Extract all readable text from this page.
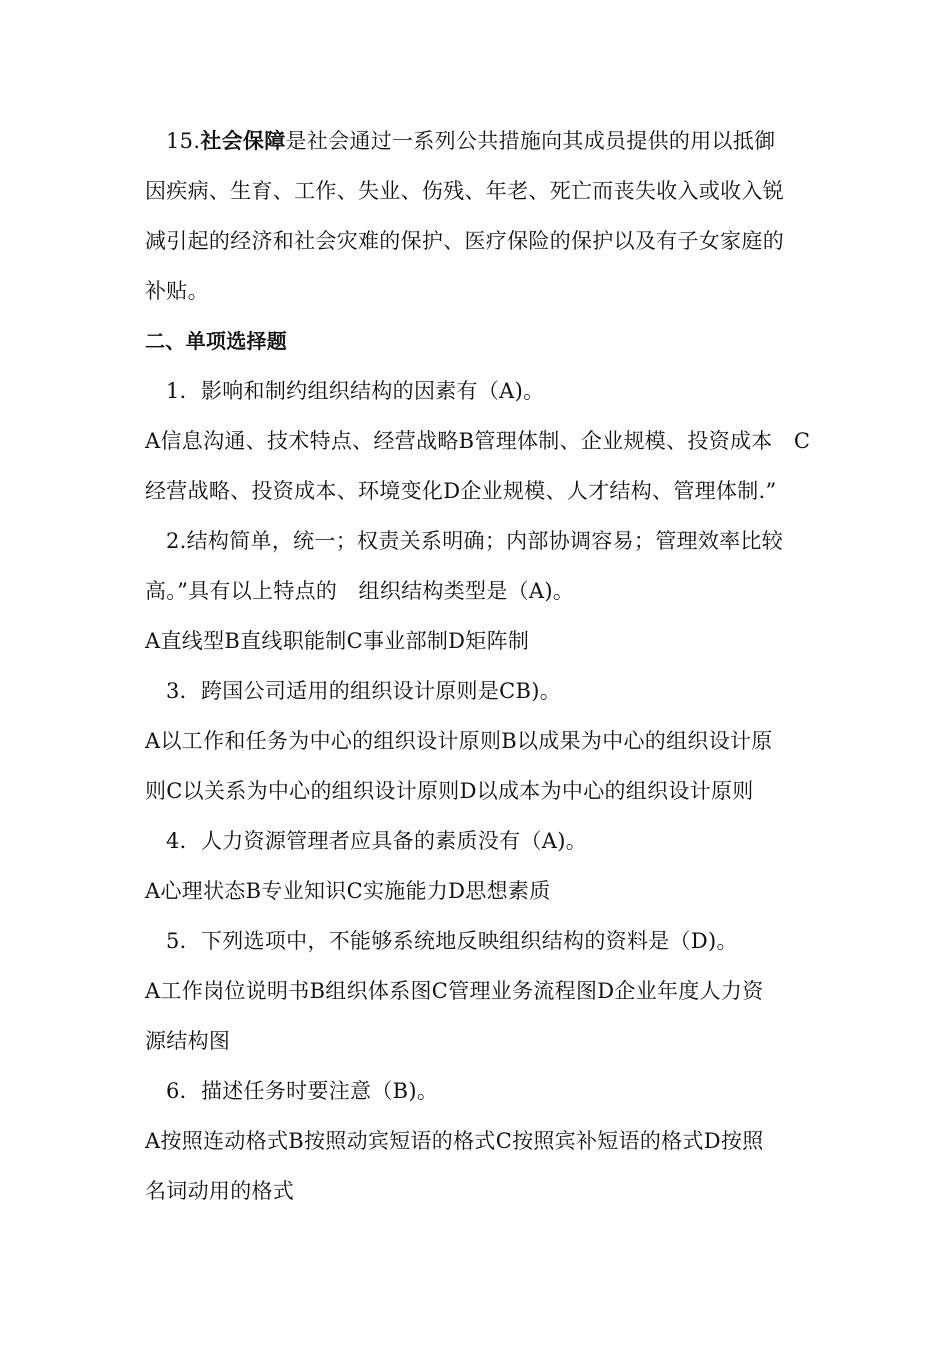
15.社会保障是社会通过一系列公共措施向其成员提供的用以抵御
因疾病、生育、工作、失业、伤残、年老、死亡而丧失收入或收入锐
减引起的经济和社会灾难的保护、医疗保险的保护以及有子女家庭的
补贴。
二、单项选择题
1．影响和制约组织结构的因素有（A)。
A信息沟通、技术特点、经营战略B管理体制、企业规模、投资成本　C
经营战略、投资成本、环境变化D企业规模、人才结构、管理体制.”
2.结构简单，统一；权责关系明确；内部协调容易；管理效率比较
高。”具有以上特点的　组织结构类型是（A)。
A直线型B直线职能制C事业部制D矩阵制
3．跨国公司适用的组织设计原则是CB)。
A以工作和任务为中心的组织设计原则B以成果为中心的组织设计原
则C以关系为中心的组织设计原则D以成本为中心的组织设计原则
4．人力资源管理者应具备的素质没有（A)。
A心理状态B专业知识C实施能力D思想素质
5．下列选项中，不能够系统地反映组织结构的资料是（D)。
A工作岗位说明书B组织体系图C管理业务流程图D企业年度人力资
源结构图
6．描述任务时要注意（B)。
A按照连动格式B按照动宾短语的格式C按照宾补短语的格式D按照
名词动用的格式
